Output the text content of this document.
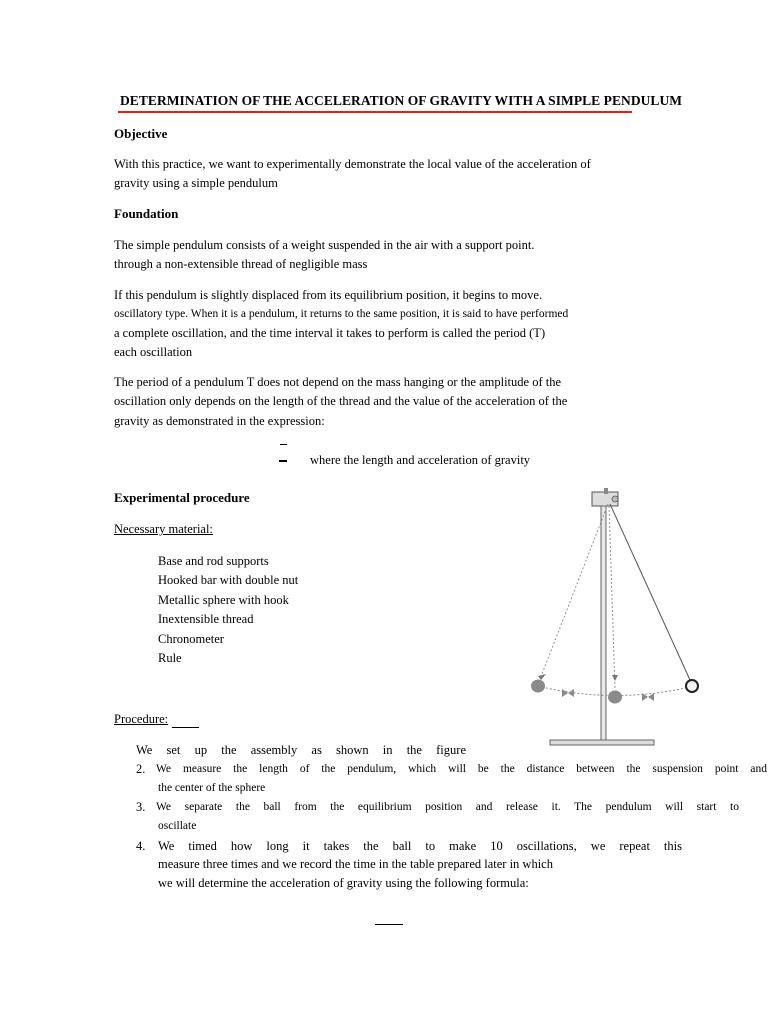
DETERMINATION OF THE ACCELERATION OF GRAVITY WITH A SIMPLE PENDULUM
Objective
With this practice, we want to experimentally demonstrate the local value of the acceleration of
gravity using a simple pendulum
Foundation
The simple pendulum consists of a weight suspended in the air with a support point.
through a non-extensible thread of negligible mass
If this pendulum is slightly displaced from its equilibrium position, it begins to move.
oscillatory type. When it is a pendulum, it returns to the same position, it is said to have performed
a complete oscillation, and the time interval it takes to perform is called the period (T)
each oscillation
The period of a pendulum T does not depend on the mass hanging or the amplitude of the
oscillation only depends on the length of the thread and the value of the acceleration of the
gravity as demonstrated in the expression:
where the length and acceleration of gravity
Experimental procedure
Necessary material:
Base and rod supports
Hooked bar with double nut
Metallic sphere with hook
Inextensible thread
Chronometer
Rule
Procedure:
We set up the assembly as shown in the figure
2. We measure the length of the pendulum, which will be the distance between the suspension point and
the center of the sphere
3. We separate the ball from the equilibrium position and release it. The pendulum will start to
oscillate
4. We timed how long it takes the ball to make 10 oscillations, we repeat this
measure three times and we record the time in the table prepared later in which
we will determine the acceleration of gravity using the following formula:
